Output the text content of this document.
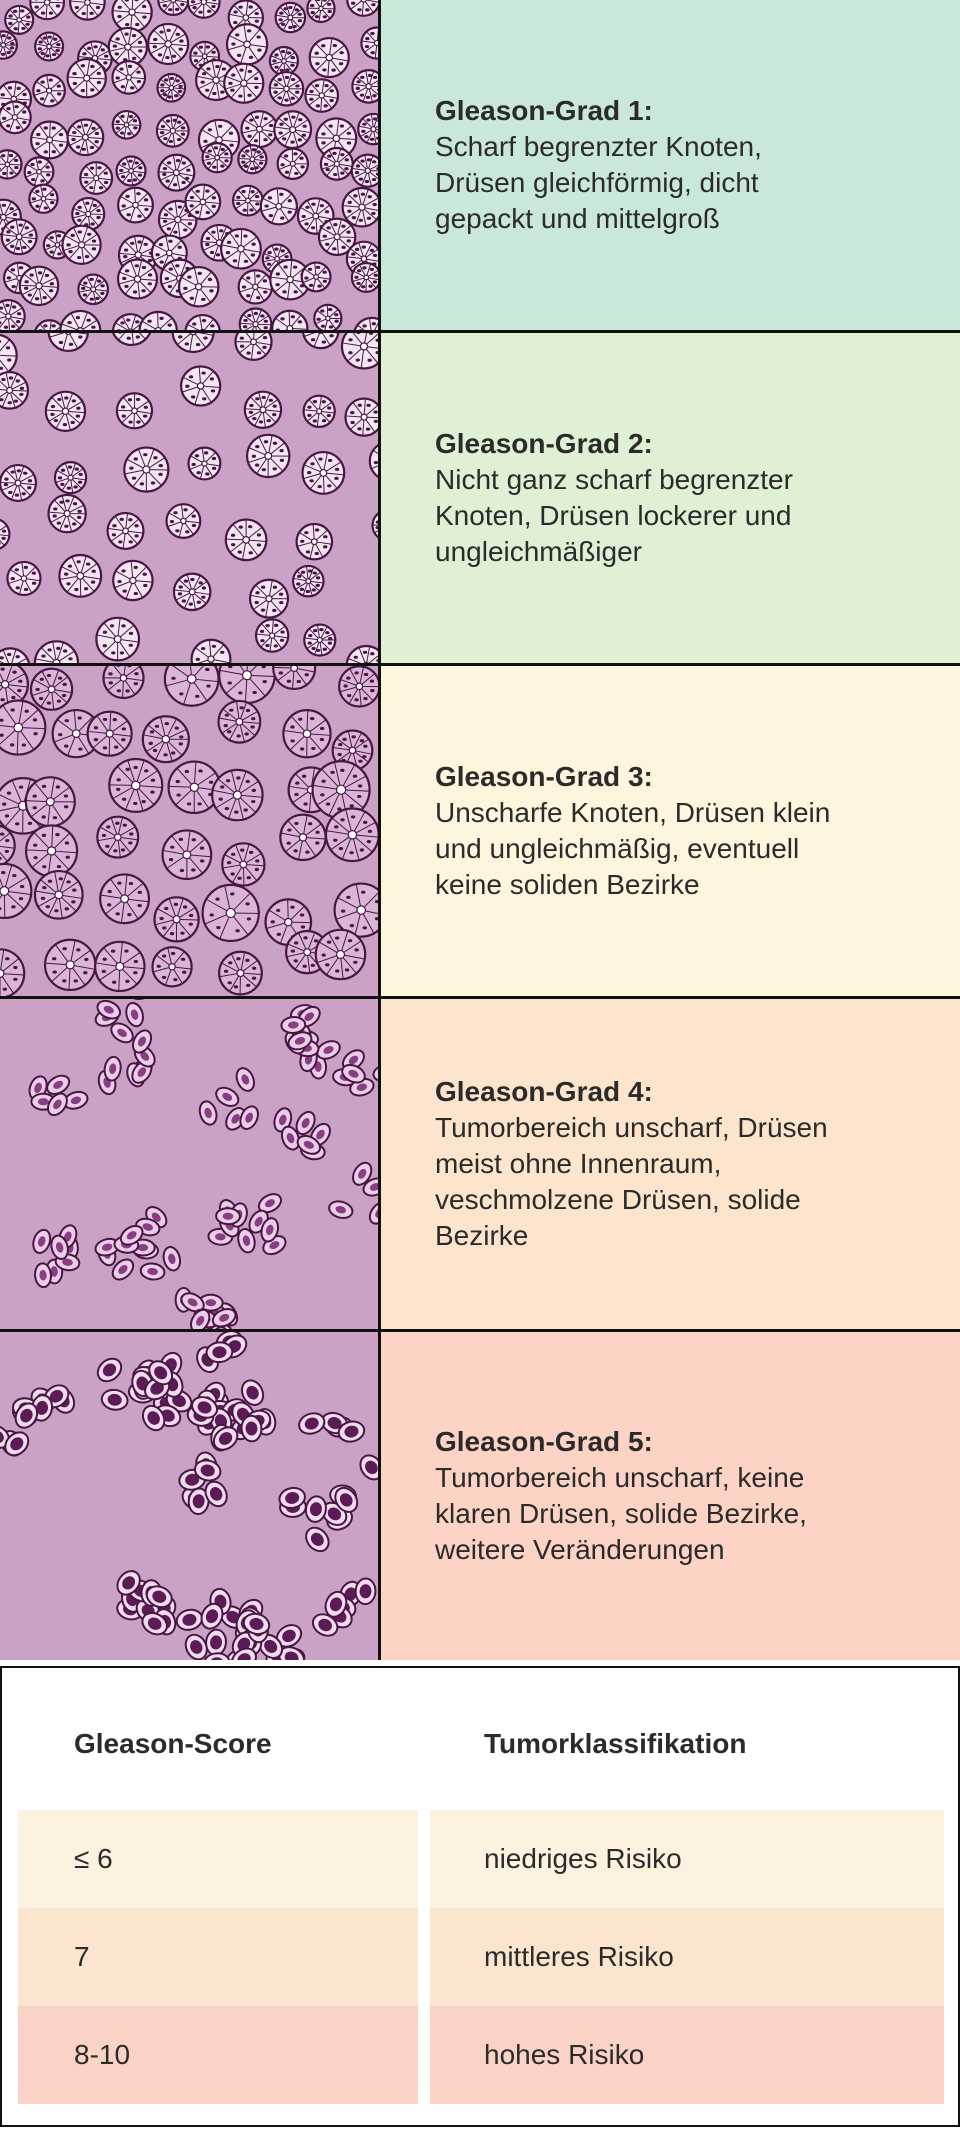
Gleason-Grad 1:
Scharf begrenzter Knoten,
Drüsen gleichförmig, dicht
gepackt und mittelgroß
Gleason-Grad 2:
Nicht ganz scharf begrenzter
Knoten, Drüsen lockerer und
ungleichmäßiger
Gleason-Grad 3:
Unscharfe Knoten, Drüsen klein
und ungleichmäßig, eventuell
keine soliden Bezirke
Gleason-Grad 4:
Tumorbereich unscharf, Drüsen
meist ohne Innenraum,
veschmolzene Drüsen, solide
Bezirke
Gleason-Grad 5:
Tumorbereich unscharf, keine
klaren Drüsen, solide Bezirke,
weitere Veränderungen
Gleason-Score	Tumorklassifikation
≤ 6	niedriges Risiko
7	mittleres Risiko
8-10	hohes Risiko
